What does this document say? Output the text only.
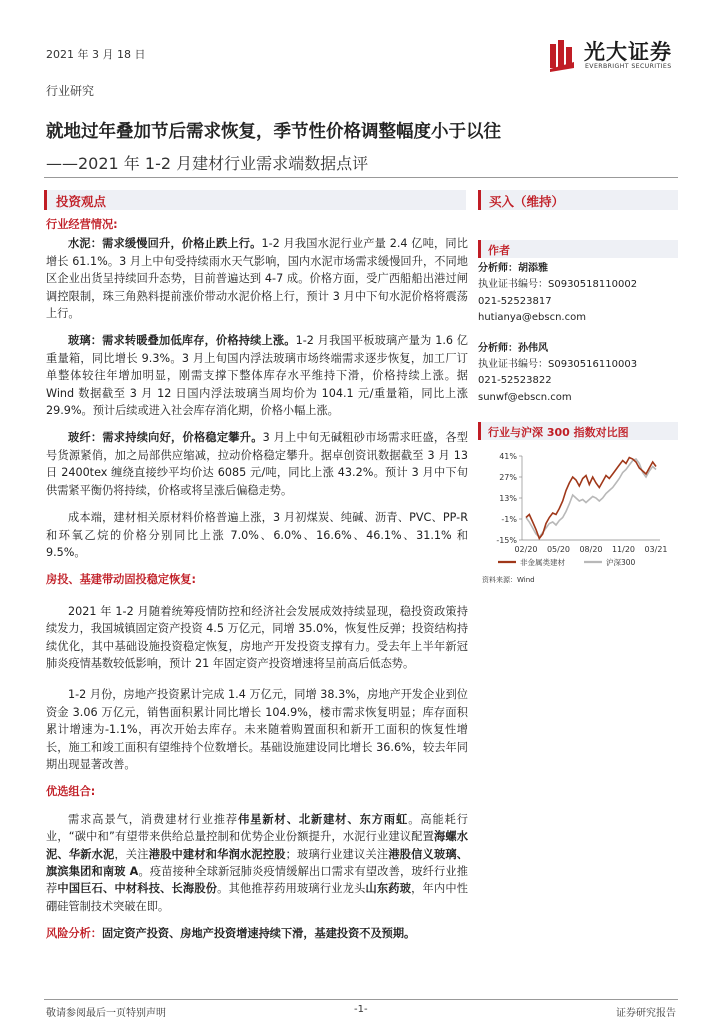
2021 年 3 月 18 日	光大证券
EVERBRIGHT SECURITIES
行业研究
就地过年叠加节后需求恢复，季节性价格调整幅度小于以往
——2021 年 1-2 月建材行业需求端数据点评
投资观点	买入（维持）

行业经营情况:

水泥：需求缓慢回升，价格止跌上行。1-2 月我国水泥行业产量 2.4 亿吨，同比增长 61.1%。3 月上中旬受持续雨水天气影响，国内水泥市场需求缓慢回升，不同地区企业出货呈持续回升态势，目前普遍达到 4-7 成。价格方面，受广西船船出港过闸调控限制，珠三角熟料提前涨价带动水泥价格上行，预计 3 月中下旬水泥价格将震荡上行。

玻璃：需求转暖叠加低库存，价格持续上涨。1-2 月我国平板玻璃产量为 1.6 亿重量箱，同比增长 9.3%。3 月上旬国内浮法玻璃市场终端需求逐步恢复，加工厂订单整体较往年增加明显，刚需支撑下整体库存水平维持下滑，价格持续上涨。据 Wind 数据截至 3 月 12 日国内浮法玻璃当周均价为 104.1 元/重量箱，同比上涨 29.9%。预计后续或进入社会库存消化期，价格小幅上涨。

玻纤：需求持续向好，价格稳定攀升。3 月上中旬无碱粗砂市场需求旺盛，各型号货源紧俏，加之局部供应缩减，拉动价格稳定攀升。据卓创资讯数据截至 3 月 13 日 2400tex 缠绕直接纱平均价达 6085 元/吨，同比上涨 43.2%。预计 3 月中下旬供需紧平衡仍将持续，价格或将呈涨后偏稳走势。

成本端，建材相关原材料价格普遍上涨，3 月初煤炭、纯碱、沥青、PVC、PP-R 和环氧乙烷的价格分别同比上涨 7.0%、6.0%、16.6%、46.1%、31.1% 和 9.5%。

房投、基建带动固投稳定恢复:

2021 年 1-2 月随着统筹疫情防控和经济社会发展成效持续显现，稳投资政策持续发力，我国城镇固定资产投资 4.5 万亿元，同增 35.0%，恢复性反弹；投资结构持续优化，其中基础设施投资稳定恢复，房地产开发投资支撑有力。受去年上半年新冠肺炎疫情基数较低影响，预计 21 年固定资产投资增速将呈前高后低态势。

1-2 月份，房地产投资累计完成 1.4 万亿元，同增 38.3%，房地产开发企业到位资金 3.06 万亿元，销售面积累计同比增长 104.9%，楼市需求恢复明显；库存面积累计增速为-1.1%，再次开始去库存。未来随着购置面积和新开工面积的恢复性增长，施工和竣工面积有望维持个位数增长。基础设施建设同比增长 36.6%，较去年同期出现显著改善。

优选组合:

需求高景气，消费建材行业推荐伟星新材、北新建材、东方雨虹。高能耗行业，“碳中和”有望带来供给总量控制和优势企业份额提升，水泥行业建议配置海螺水泥、华新水泥，关注港股中建材和华润水泥控股；玻璃行业建议关注港股信义玻璃、旗滨集团和南玻 A。疫苗接种全球新冠肺炎疫情缓解出口需求有望改善，玻纤行业推荐中国巨石、中材科技、长海股份。其他推荐药用玻璃行业龙头山东药玻，年内中性硼硅管制技术突破在即。

风险分析：固定资产投资、房地产投资增速持续下滑，基建投资不及预期。

作者

分析师：胡添雅

执业证书编号：S0930518110002

021-52523817

hutianya@ebscn.com

分析师：孙伟风

执业证书编号：S0930516110003

021-52523822

sunwf@ebscn.com

行业与沪深 300 指数对比图
41%
27%
13%
-1%
-15%
02/20 05/20 08/20 11/20 03/21
非金属类建材	沪深300
资料来源：Wind
敬请参阅最后一页特别声明	-1-	证券研究报告
